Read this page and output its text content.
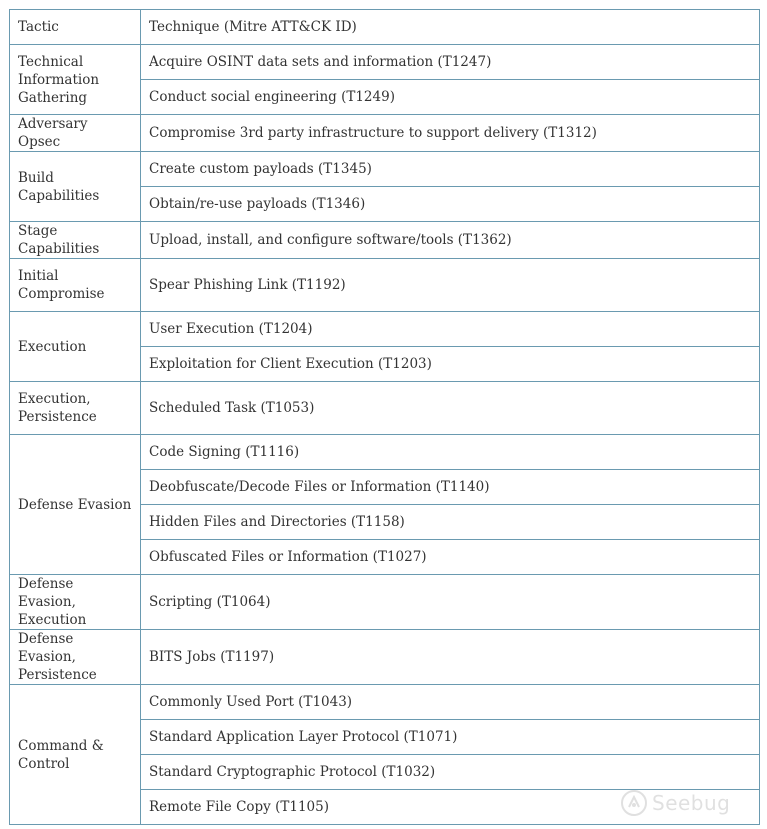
Tactic	Technique (Mitre ATT&CK ID)
Technical Information Gathering	Acquire OSINT data sets and information (T1247)
	Conduct social engineering (T1249)
Adversary Opsec	Compromise 3rd party infrastructure to support delivery (T1312)
Build Capabilities	Create custom payloads (T1345)
	Obtain/re-use payloads (T1346)
Stage Capabilities	Upload, install, and configure software/tools (T1362)
Initial Compromise	Spear Phishing Link (T1192)
Execution	User Execution (T1204)
	Exploitation for Client Execution (T1203)
Execution, Persistence	Scheduled Task (T1053)
Defense Evasion	Code Signing (T1116)
	Deobfuscate/Decode Files or Information (T1140)
	Hidden Files and Directories (T1158)
	Obfuscated Files or Information (T1027)
Defense Evasion, Execution	Scripting (T1064)
Defense Evasion, Persistence	BITS Jobs (T1197)
Command & Control	Commonly Used Port (T1043)
	Standard Application Layer Protocol (T1071)
	Standard Cryptographic Protocol (T1032)
	Remote File Copy (T1105)	Seebug
